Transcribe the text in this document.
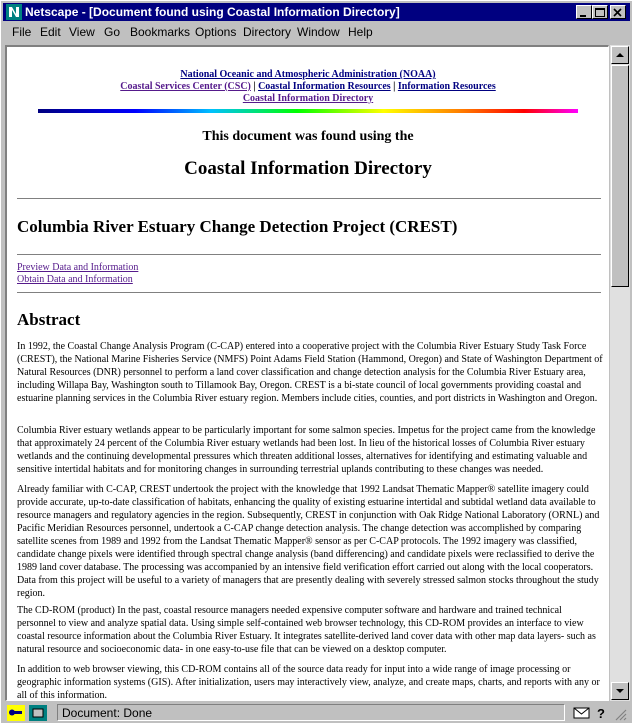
Netscape - [Document found using Coastal Information Directory]
File Edit View Go Bookmarks Options Directory Window Help
National Oceanic and Atmospheric Administration (NOAA)
Coastal Services Center (CSC) | Coastal Information Resources | Information Resources
Coastal Information Directory
This document was found using the
Coastal Information Directory
Columbia River Estuary Change Detection Project (CREST)
Preview Data and Information
Obtain Data and Information
Abstract

In 1992, the Coastal Change Analysis Program (C-CAP) entered into a cooperative project with the Columbia River Estuary Study Task Force (CREST), the National Marine Fisheries Service (NMFS) Point Adams Field Station (Hammond, Oregon) and State of Washington Department of Natural Resources (DNR) personnel to perform a land cover classification and change detection analysis for the Columbia River Estuary area, including Willapa Bay, Washington south to Tillamook Bay, Oregon. CREST is a bi-state council of local governments providing coastal and estuarine planning services in the Columbia River estuary region. Members include cities, counties, and port districts in Washington and Oregon.

Columbia River estuary wetlands appear to be particularly important for some salmon species. Impetus for the project came from the knowledge that approximately 24 percent of the Columbia River estuary wetlands had been lost. In lieu of the historical losses of Columbia River estuary wetlands and the continuing developmental pressures which threaten additional losses, alternatives for identifying and estimating valuable and sensitive intertidal habitats and for monitoring changes in surrounding terrestrial uplands contributing to these changes was needed.

Already familiar with C-CAP, CREST undertook the project with the knowledge that 1992 Landsat Thematic Mapper® satellite imagery could provide accurate, up-to-date classification of habitats, enhancing the quality of existing estuarine intertidal and subtidal wetland data available to resource managers and regulatory agencies in the region. Subsequently, CREST in conjunction with Oak Ridge National Laboratory (ORNL) and Pacific Meridian Resources personnel, undertook a C-CAP change detection analysis. The change detection was accomplished by comparing satellite scenes from 1989 and 1992 from the Landsat Thematic Mapper® sensor as per C-CAP protocols. The 1992 imagery was classified, candidate change pixels were identified through spectral change analysis (band differencing) and candidate pixels were reclassified to derive the 1989 land cover database. The processing was accompanied by an intensive field verification effort carried out along with the local cooperators. Data from this project will be useful to a variety of managers that are presently dealing with severely stressed salmon stocks throughout the study region.

The CD-ROM (product) In the past, coastal resource managers needed expensive computer software and hardware and trained technical personnel to view and analyze spatial data. Using simple self-contained web browser technology, this CD-ROM provides an interface to view coastal resource information about the Columbia River Estuary. It integrates satellite-derived land cover data with other map data layers- such as natural resource and socioeconomic data- in one easy-to-use file that can be viewed on a desktop computer.

In addition to web browser viewing, this CD-ROM contains all of the source data ready for input into a wide range of image processing or geographic information systems (GIS). After initialization, users may interactively view, analyze, and create maps, charts, and reports with any or all of this information.

Document: Done	?
